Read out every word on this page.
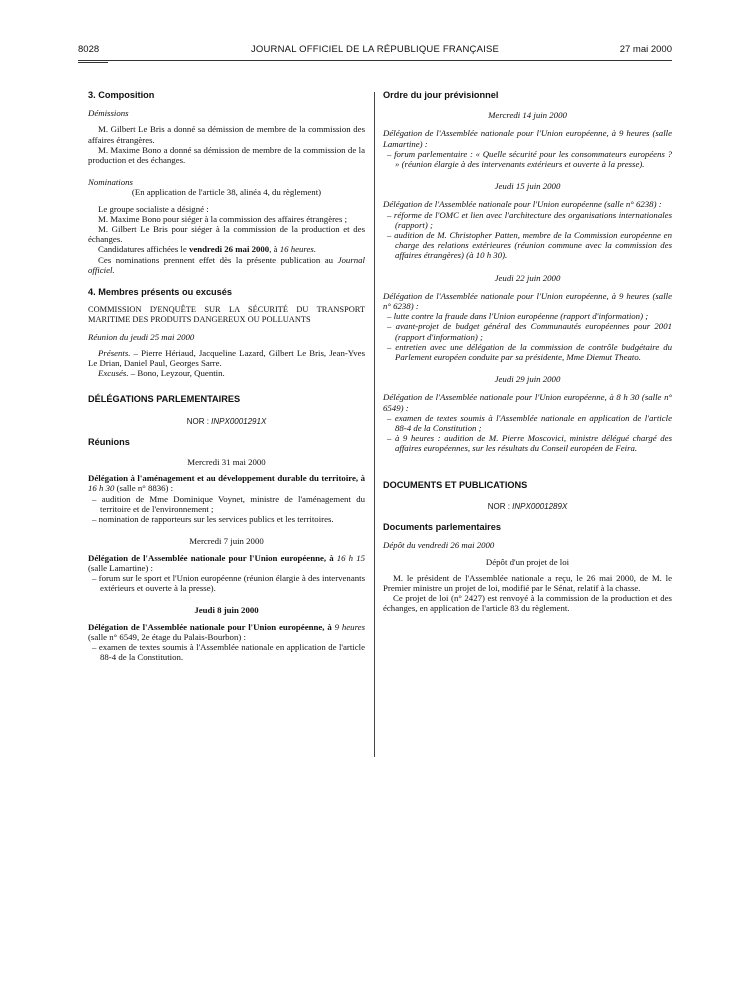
8028	JOURNAL OFFICIEL DE LA RÉPUBLIQUE FRANÇAISE	27 mai 2000

3. Composition

Démissions

M. Gilbert Le Bris a donné sa démission de membre de la commission des affaires étrangères.

M. Maxime Bono a donné sa démission de membre de la commission de la production et des échanges.

Nominations

(En application de l'article 38, alinéa 4, du règlement)

Le groupe socialiste a désigné :

M. Maxime Bono pour siéger à la commission des affaires étrangères ;

M. Gilbert Le Bris pour siéger à la commission de la production et des échanges.

Candidatures affichées le vendredi 26 mai 2000, à 16 heures.

Ces nominations prennent effet dès la présente publication au Journal officiel.

4. Membres présents ou excusés

COMMISSION D'ENQUÊTE SUR LA SÉCURITÉ DU TRANSPORT MARITIME DES PRODUITS DANGEREUX OU POLLUANTS

Réunion du jeudi 25 mai 2000

Présents. – Pierre Hériaud, Jacqueline Lazard, Gilbert Le Bris, Jean-Yves Le Drian, Daniel Paul, Georges Sarre.

Excusés. – Bono, Leyzour, Quentin.

DÉLÉGATIONS PARLEMENTAIRES

NOR : INPX0001291X

Réunions

Mercredi 31 mai 2000

Délégation à l'aménagement et au développement durable du territoire, à 16 h 30 (salle n° 8836) :

– audition de Mme Dominique Voynet, ministre de l'aménagement du territoire et de l'environnement ;

– nomination de rapporteurs sur les services publics et les territoires.

Mercredi 7 juin 2000

Délégation de l'Assemblée nationale pour l'Union européenne, à 16 h 15 (salle Lamartine) :

– forum sur le sport et l'Union européenne (réunion élargie à des intervenants extérieurs et ouverte à la presse).

Jeudi 8 juin 2000

Délégation de l'Assemblée nationale pour l'Union européenne, à 9 heures (salle n° 6549, 2e étage du Palais-Bourbon) :

– examen de textes soumis à l'Assemblée nationale en application de l'article 88-4 de la Constitution.

Ordre du jour prévisionnel

Mercredi 14 juin 2000

Délégation de l'Assemblée nationale pour l'Union européenne, à 9 heures (salle Lamartine) :

– forum parlementaire : « Quelle sécurité pour les consommateurs européens ? » (réunion élargie à des intervenants extérieurs et ouverte à la presse).

Jeudi 15 juin 2000

Délégation de l'Assemblée nationale pour l'Union européenne (salle n° 6238) :

– réforme de l'OMC et lien avec l'architecture des organisations internationales (rapport) ;

– audition de M. Christopher Patten, membre de la Commission européenne en charge des relations extérieures (réunion commune avec la commission des affaires étrangères) (à 10 h 30).

Jeudi 22 juin 2000

Délégation de l'Assemblée nationale pour l'Union européenne, à 9 heures (salle n° 6238) :

– lutte contre la fraude dans l'Union européenne (rapport d'information) ;

– avant-projet de budget général des Communautés européennes pour 2001 (rapport d'information) ;

– entretien avec une délégation de la commission de contrôle budgétaire du Parlement européen conduite par sa présidente, Mme Diemut Theato.

Jeudi 29 juin 2000

Délégation de l'Assemblée nationale pour l'Union européenne, à 8 h 30 (salle n° 6549) :

– examen de textes soumis à l'Assemblée nationale en application de l'article 88-4 de la Constitution ;

– à 9 heures : audition de M. Pierre Moscovici, ministre délégué chargé des affaires européennes, sur les résultats du Conseil européen de Feira.

DOCUMENTS ET PUBLICATIONS

NOR : INPX0001289X

Documents parlementaires

Dépôt du vendredi 26 mai 2000

Dépôt d'un projet de loi

M. le président de l'Assemblée nationale a reçu, le 26 mai 2000, de M. le Premier ministre un projet de loi, modifié par le Sénat, relatif à la chasse.

Ce projet de loi (n° 2427) est renvoyé à la commission de la production et des échanges, en application de l'article 83 du règlement.
